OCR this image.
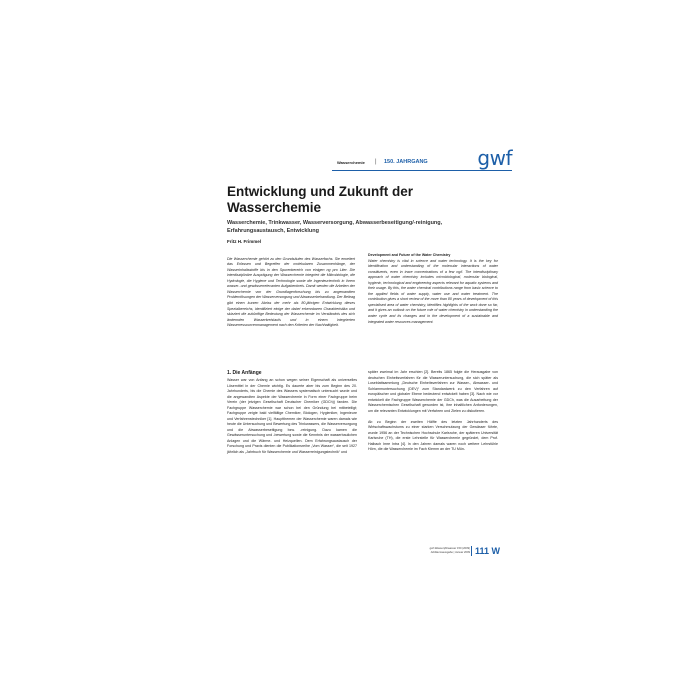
Wasserchemie | 150. JAHRGANG gwf
Entwicklung und Zukunft der Wasserchemie
Wasserchemie, Trinkwasser, Wasserversorgung, Abwasserbeseitigung/-reinigung, Erfahrungsaustausch, Entwicklung
Fritz H. Frimmel

Die Wasserchemie gehört zu den Grundsäulen des Wasserfachs. Sie erweitert das Erfassen und Begreifen der molekularen Zusammenhänge, der Wasserinhaltsstoffe bis in den Spurenbereich von einigen ng pro Liter. Die interdisziplinäre Ausprägung der Wasserchemie integriert die Mikrobiologie, die Hydrologie, die Hygiene und Technologie sowie die Ingenieurtechnik in ihrem wasser- und gewässerrelevanten Aufgabenkreis. Damit werden die Arbeiten der Wasserchemie von der Grundlagenforschung bis zu angewandten Problemlösungen der Wasserversorgung und Abwasserbehandlung. Der Beitrag gibt einen kurzen Abriss der mehr als 80-jährigen Entwicklung dieses Spezialbereichs, identifiziert einige der dabei erkennbaren Charakteristika und skizziert die zukünftige Bedeutung der Wasserchemie im Verständnis des sich ändernden Wasserkreislaufs und in einem integrierten Wasserressourcenmanagement nach den Kriterien der Nachhaltigkeit.

Development and Future of the Water Chemistry
Water chemistry is vital in science and water technology. It is the key for identification and understanding of the molecular interactions of water constituents, even in trace concentrations of a few ng/l. The interdisciplinary approach of water chemistry includes microbiological, molecular biological, hygienic, technological and engineering aspects relevant for aquatic systems and their usage. By this, the water chemical contributions range from basic science to the applied fields of water supply, water use and water treatment. The contribution gives a short review of the more than 80 years of development of this specialised area of water chemistry, identifies highlights of the work done so far, and it gives an outlook on the future role of water chemistry in understanding the water cycle and its changes and in the development of a sustainable and integrated water resources management.
1. Die Anfänge

Wasser war von Anfang an schon wegen seiner Eigenschaft als universelles Lösemittel in der Chemie wichtig. Es dauerte aber bis zum Beginn des 20. Jahrhunderts, bis die Chemie des Wassers systematisch untersucht wurde und die angewandten Aspekte der Wasserchemie in Form einer Fachgruppe beim Verein (der jetzigen Gesellschaft Deutscher Chemiker (GDCh)) fanden. Die Fachgruppe Wasserchemie war schon bei den Gründung bei mitbeteiligt; Fachgruppe zeigte bald vielfältige Chemiker, Biologen, Hygieniker, Ingenieure und Verfahrenstechniker [1]. Hauptthemen der Wasserchemie waren damals wie heute die Untersuchung und Bewertung des Trinkwassers, die Wasserversorgung und die Abwasserbeseitigung bzw. -reinigung. Dazu kamen die Gewässeruntersuchung und -bewertung sowie die Kenntnis der wasserbaulichen Anlagen und die Wärme- und Heizquellen. Dem Erfahrungsaustausch der Forschung und Praxis dienten die Publikationsreihe „Vom Wasser“, die seit 1927 jährlich als „Jahrbuch für Wasserchemie und Wasserreinigungstechnik“ und

später zweimal im Jahr erschien [2]. Bereits 1865 folgte die Herausgabe von deutschen Einheitsverfahren für die Wasseruntersuchung, die sich später als Loseblattsammlung „Deutsche Einheitsverfahren zur Wasser-, Abwasser- und Schlammuntersuchung (DEV)“ zum Standardwerk zu den Verfahren auf europäischer und globaler Ebene bedeutend entwickelt haben [3]. Nach wie vor entwickelt die Fachgruppe Wasserchemie der GDCh, was die Ausarbeitung der Wasserchemischen Gesellschaft geworden ist, ihre inhaltlichen Anforderungen, um die relevanten Entwicklungen mit Verfahren und Zielen zu diskutieren.

Ab zu Beginn der zweiten Hälfte des letzten Jahrhunderts des Wirtschaftswachstums zu einer starken Verschmutzung der Gewässer führte, wurde 1956 an der Technischen Hochschule Karlsruhe, der späteren Universität Karlsruhe (TH), die erste Lehrstelle für Wasserchemie gegründet, dem Prof. Halbach Imre Intra [4]. In den Jahren damals waren noch weitere Lehrstühle Hörn, die die Wasserchemie im Fach Klemm an der TU Mün-

gwf-Wasser|Abwasser 150 (2009)
Jubiläumsausgabe | Januar 2009 111 W
